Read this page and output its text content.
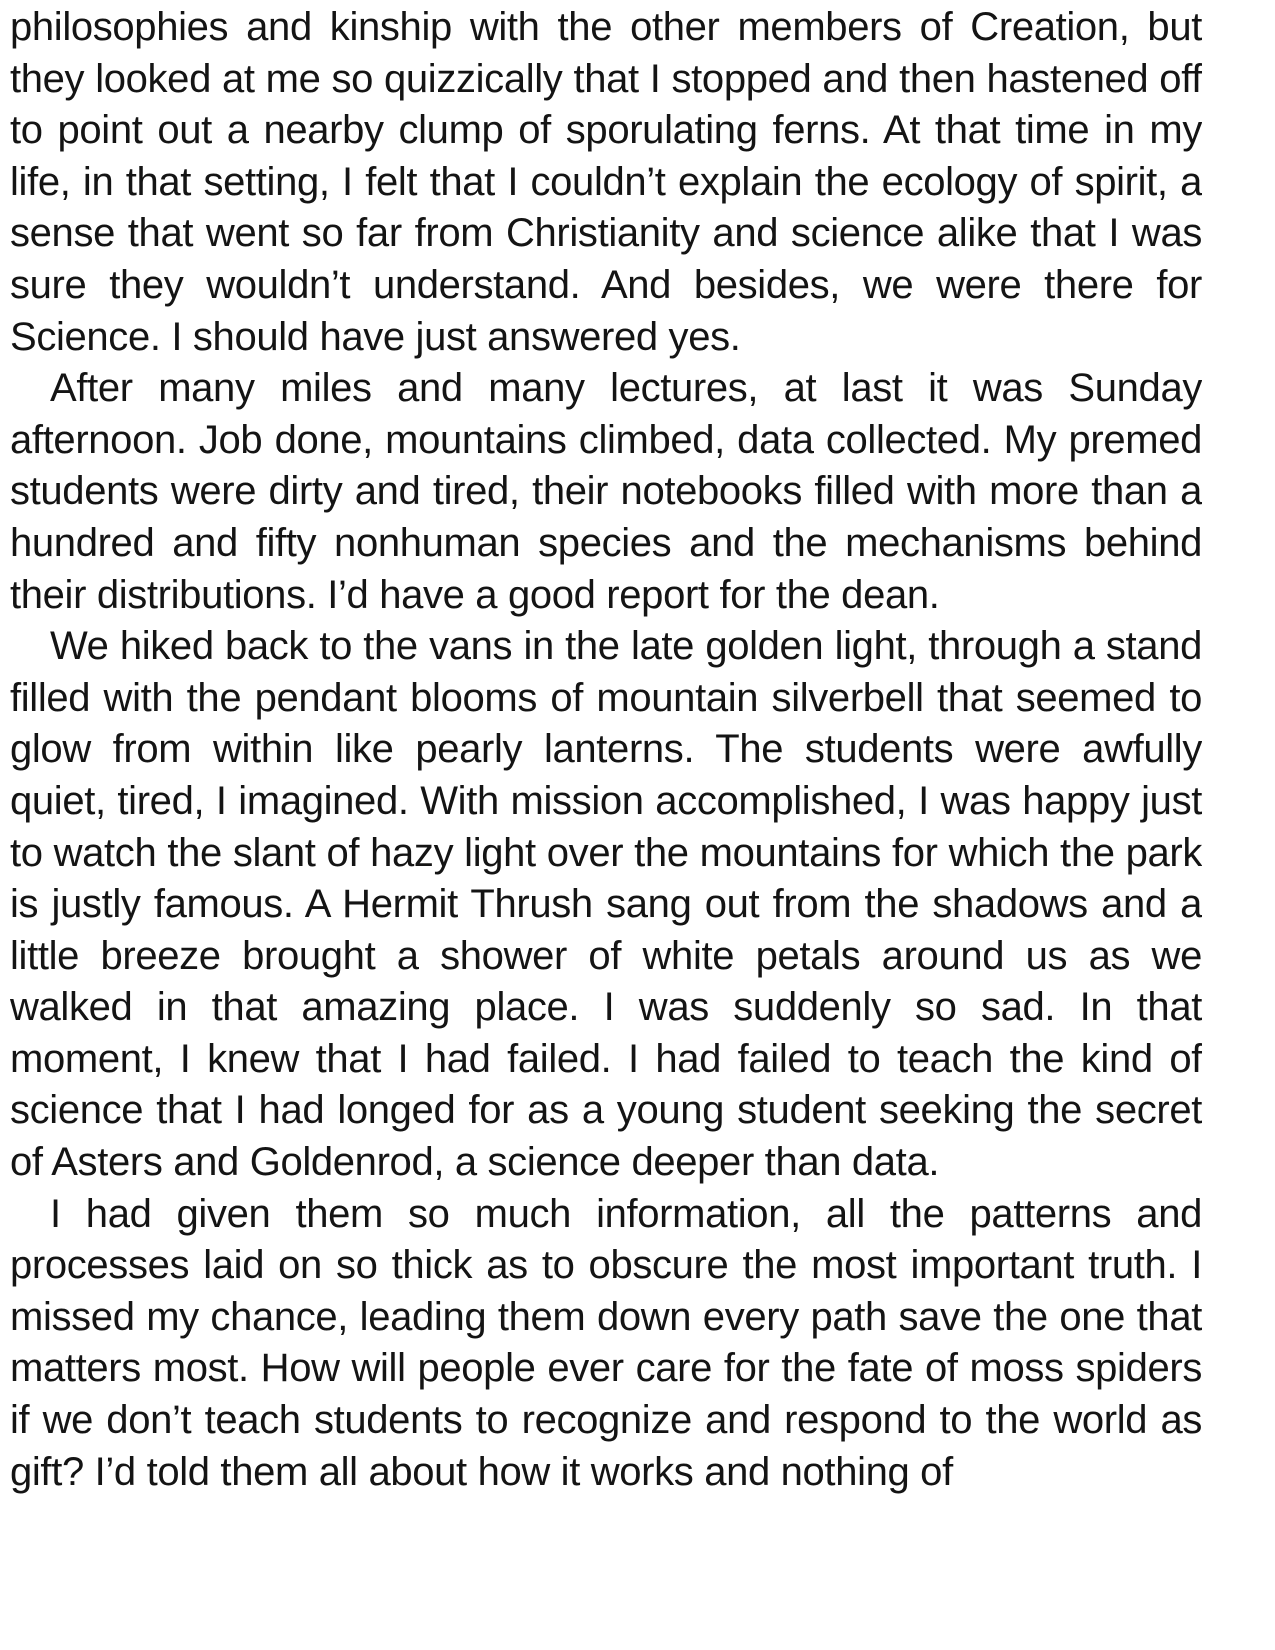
philosophies and kinship with the other members of Creation, but they looked at me so quizzically that I stopped and then hastened off to point out a nearby clump of sporulating ferns. At that time in my life, in that setting, I felt that I couldn’t explain the ecology of spirit, a sense that went so far from Christianity and science alike that I was sure they wouldn’t understand. And besides, we were there for Science. I should have just answered yes.

After many miles and many lectures, at last it was Sunday afternoon. Job done, mountains climbed, data collected. My premed students were dirty and tired, their notebooks filled with more than a hundred and fifty nonhuman species and the mechanisms behind their distributions. I’d have a good report for the dean.

We hiked back to the vans in the late golden light, through a stand filled with the pendant blooms of mountain silverbell that seemed to glow from within like pearly lanterns. The students were awfully quiet, tired, I imagined. With mission accomplished, I was happy just to watch the slant of hazy light over the mountains for which the park is justly famous. A Hermit Thrush sang out from the shadows and a little breeze brought a shower of white petals around us as we walked in that amazing place. I was suddenly so sad. In that moment, I knew that I had failed. I had failed to teach the kind of science that I had longed for as a young student seeking the secret of Asters and Goldenrod, a science deeper than data.

I had given them so much information, all the patterns and processes laid on so thick as to obscure the most important truth. I missed my chance, leading them down every path save the one that matters most. How will people ever care for the fate of moss spiders if we don’t teach students to recognize and respond to the world as gift? I’d told them all about how it works and nothing of
